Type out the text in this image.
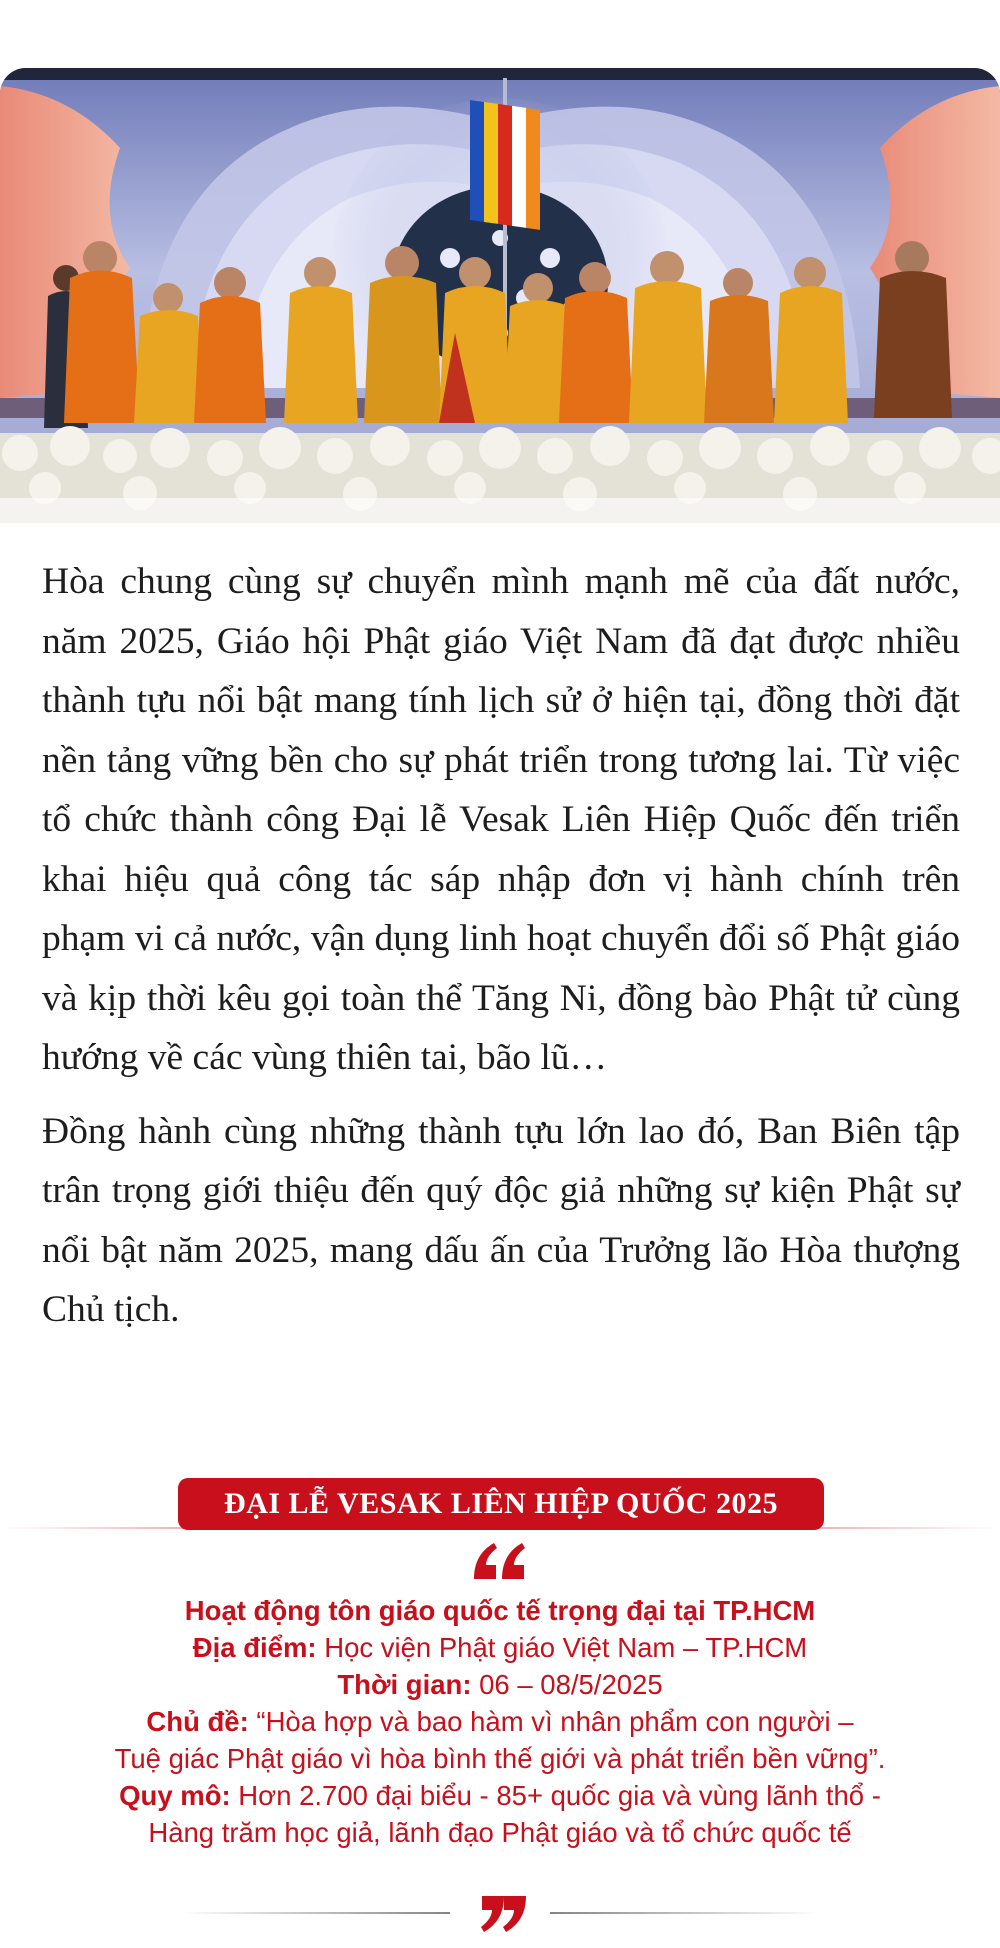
Hòa chung cùng sự chuyển mình mạnh mẽ của đất nước, năm 2025, Giáo hội Phật giáo Việt Nam đã đạt được nhiều thành tựu nổi bật mang tính lịch sử ở hiện tại, đồng thời đặt nền tảng vững bền cho sự phát triển trong tương lai. Từ việc tổ chức thành công Đại lễ Vesak Liên Hiệp Quốc đến triển khai hiệu quả công tác sáp nhập đơn vị hành chính trên phạm vi cả nước, vận dụng linh hoạt chuyển đổi số Phật giáo và kịp thời kêu gọi toàn thể Tăng Ni, đồng bào Phật tử cùng hướng về các vùng thiên tai, bão lũ…

Đồng hành cùng những thành tựu lớn lao đó, Ban Biên tập trân trọng giới thiệu đến quý độc giả những sự kiện Phật sự nổi bật năm 2025, mang dấu ấn của Trưởng lão Hòa thượng Chủ tịch.

ĐẠI LỄ VESAK LIÊN HIỆP QUỐC 2025
Hoạt động tôn giáo quốc tế trọng đại tại TP.HCM
Địa điểm: Học viện Phật giáo Việt Nam – TP.HCM
Thời gian: 06 – 08/5/2025
Chủ đề: “Hòa hợp và bao hàm vì nhân phẩm con người –
Tuệ giác Phật giáo vì hòa bình thế giới và phát triển bền vững”.
Quy mô: Hơn 2.700 đại biểu - 85+ quốc gia và vùng lãnh thổ -
Hàng trăm học giả, lãnh đạo Phật giáo và tổ chức quốc tế
